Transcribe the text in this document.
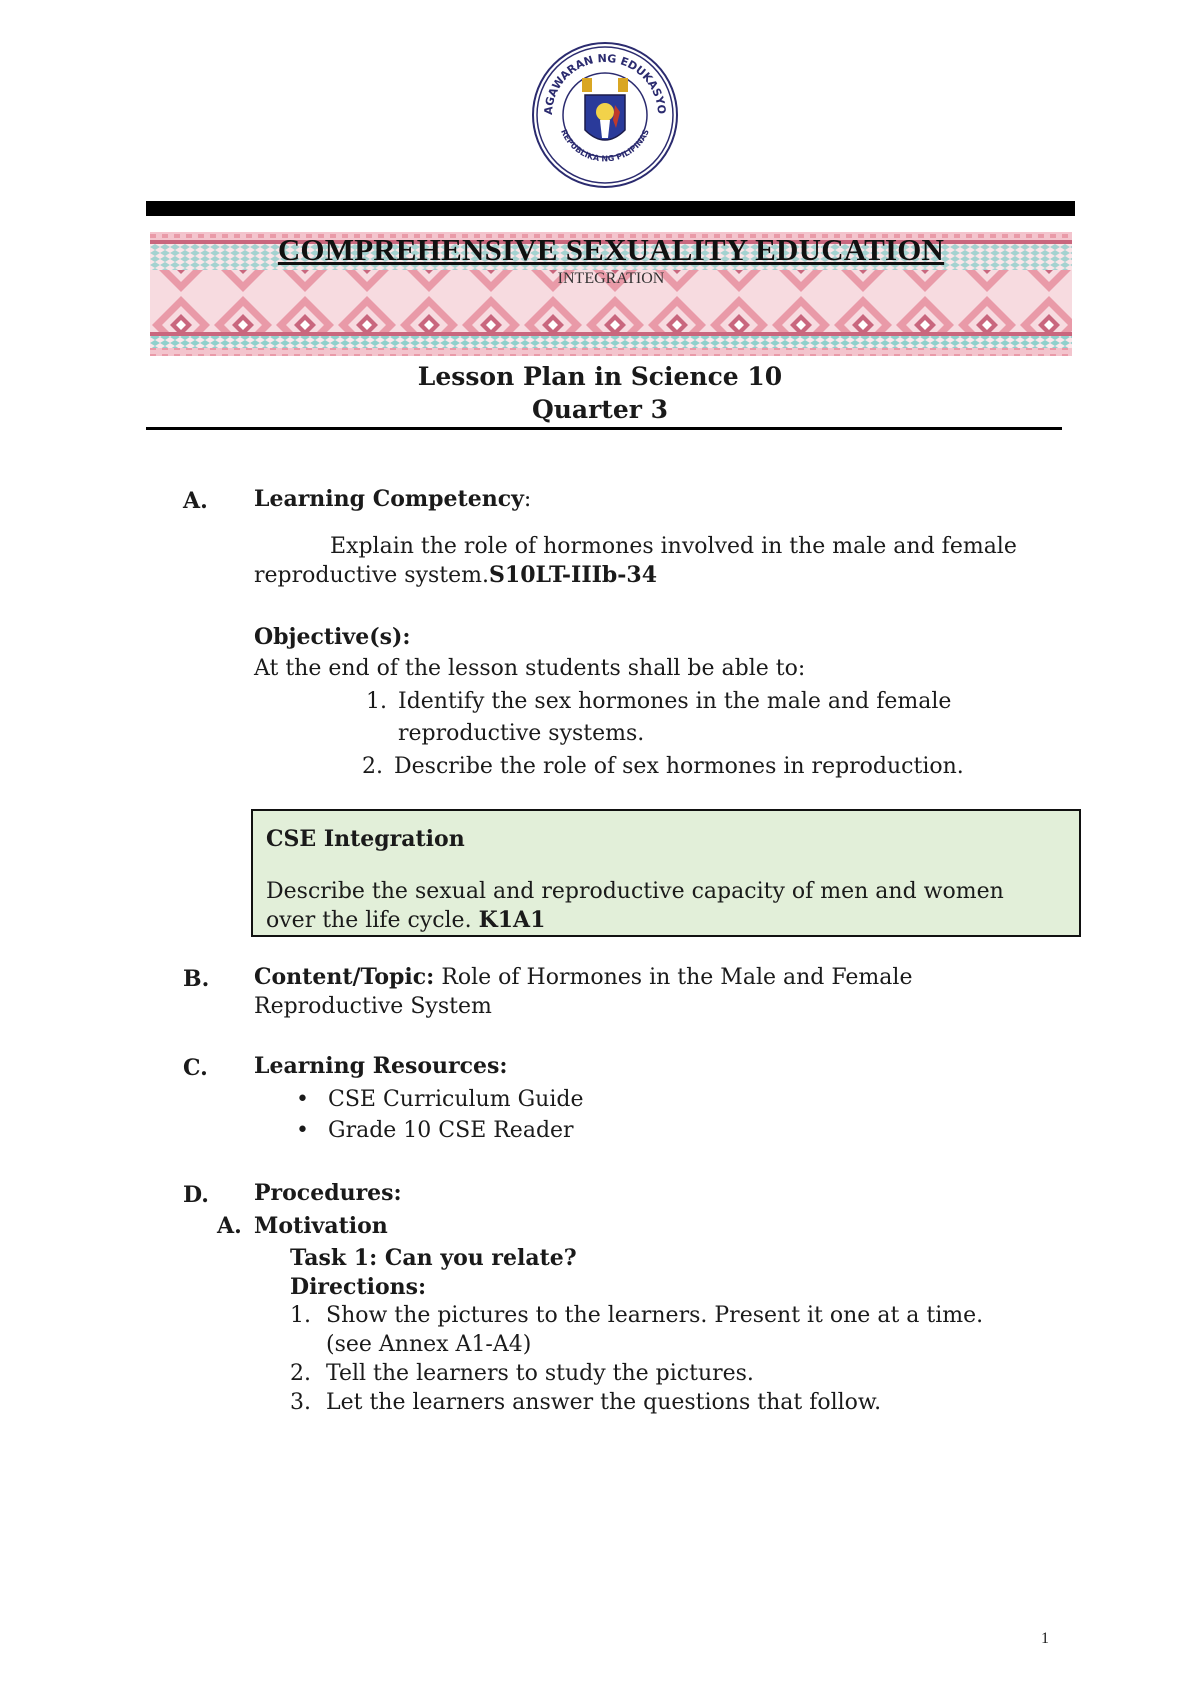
AGAWARAN NG EDUKASYO
REPUBLIKA NG PILIPINAS
COMPREHENSIVE SEXUALITY EDUCATION
INTEGRATION
Lesson Plan in Science 10
Quarter 3
A. Learning Competency:
Explain the role of hormones involved in the male and female
reproductive system.S10LT-IIIb-34
Objective(s):
At the end of the lesson students shall be able to:
1. Identify the sex hormones in the male and female
reproductive systems.
2. Describe the role of sex hormones in reproduction.
CSE Integration
Describe the sexual and reproductive capacity of men and women
over the life cycle. K1A1
B. Content/Topic: Role of Hormones in the Male and Female
Reproductive System
C. Learning Resources:
• CSE Curriculum Guide
• Grade 10 CSE Reader
D. Procedures:
A. Motivation
Task 1: Can you relate?
Directions:
1. Show the pictures to the learners. Present it one at a time.
(see Annex A1-A4)
2. Tell the learners to study the pictures.
3. Let the learners answer the questions that follow.
1
